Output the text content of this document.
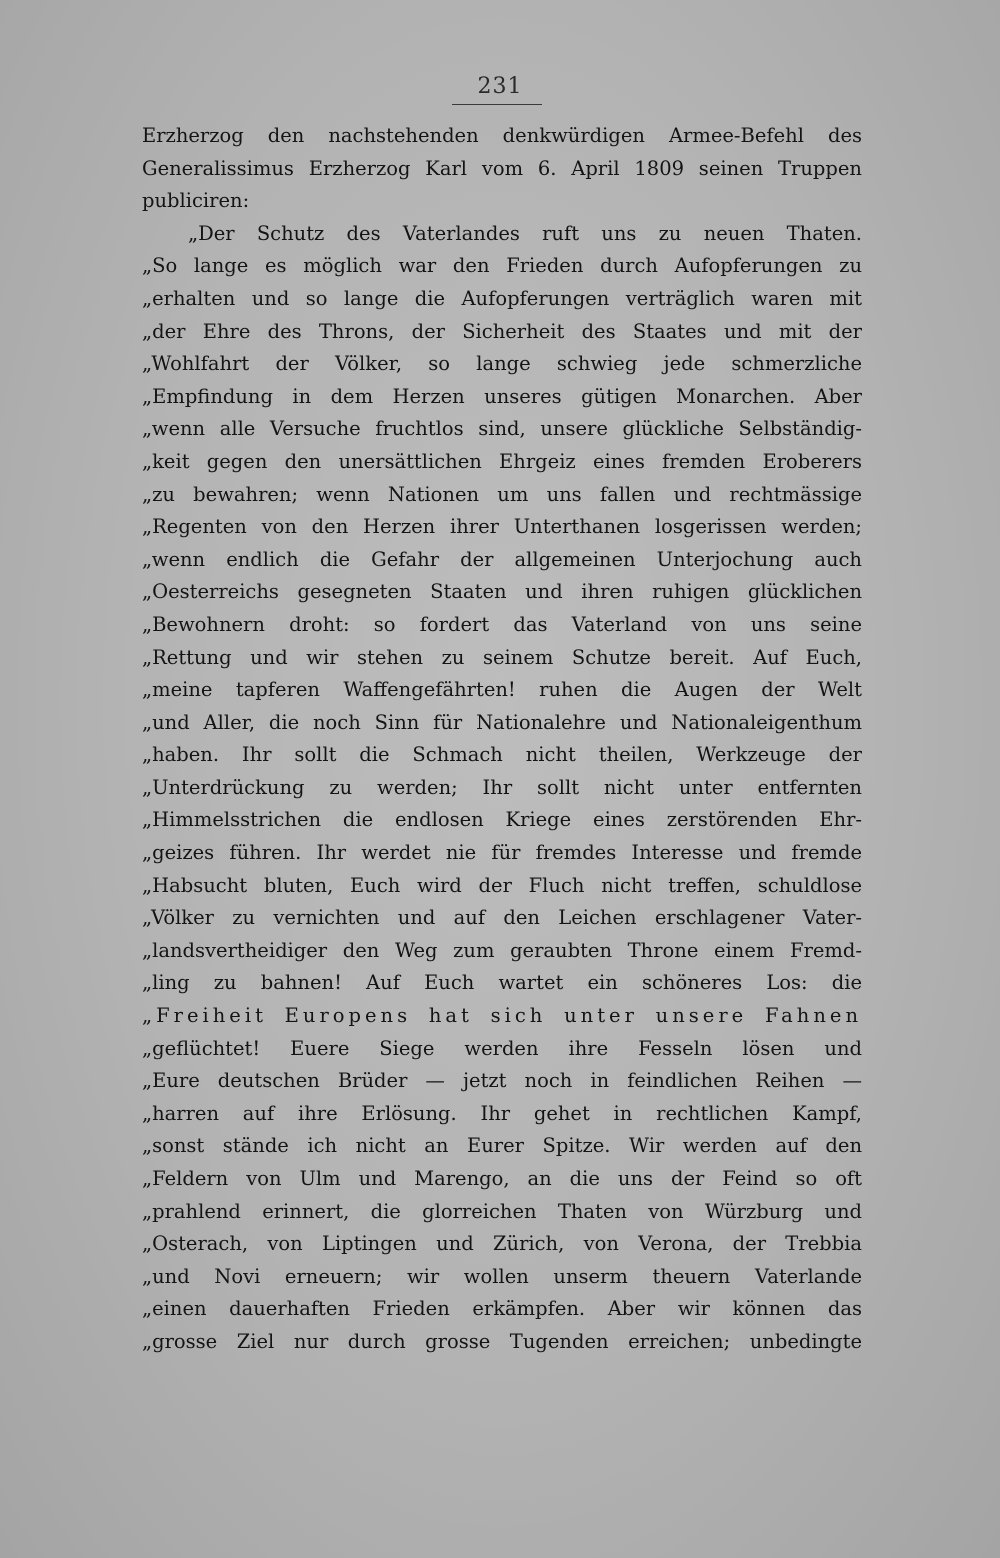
231
Erzherzog den nachstehenden denkwürdigen Armee-Befehl des
Generalissimus Erzherzog Karl vom 6. April 1809 seinen Truppen
publiciren:
„Der Schutz des Vaterlandes ruft uns zu neuen Thaten.
„So lange es möglich war den Frieden durch Aufopferungen zu
„erhalten und so lange die Aufopferungen verträglich waren mit
„der Ehre des Throns, der Sicherheit des Staates und mit der
„Wohlfahrt der Völker, so lange schwieg jede schmerzliche
„Empfindung in dem Herzen unseres gütigen Monarchen. Aber
„wenn alle Versuche fruchtlos sind, unsere glückliche Selbständig-
„keit gegen den unersättlichen Ehrgeiz eines fremden Eroberers
„zu bewahren; wenn Nationen um uns fallen und rechtmässige
„Regenten von den Herzen ihrer Unterthanen losgerissen werden;
„wenn endlich die Gefahr der allgemeinen Unterjochung auch
„Oesterreichs gesegneten Staaten und ihren ruhigen glücklichen
„Bewohnern droht: so fordert das Vaterland von uns seine
„Rettung und wir stehen zu seinem Schutze bereit. Auf Euch,
„meine tapferen Waffengefährten! ruhen die Augen der Welt
„und Aller, die noch Sinn für Nationalehre und Nationaleigenthum
„haben. Ihr sollt die Schmach nicht theilen, Werkzeuge der
„Unterdrückung zu werden; Ihr sollt nicht unter entfernten
„Himmelsstrichen die endlosen Kriege eines zerstörenden Ehr-
„geizes führen. Ihr werdet nie für fremdes Interesse und fremde
„Habsucht bluten, Euch wird der Fluch nicht treffen, schuldlose
„Völker zu vernichten und auf den Leichen erschlagener Vater-
„landsvertheidiger den Weg zum geraubten Throne einem Fremd-
„ling zu bahnen! Auf Euch wartet ein schöneres Los: die
„Freiheit Europens hat sich unter unsere Fahnen
„geflüchtet! Euere Siege werden ihre Fesseln lösen und
„Eure deutschen Brüder — jetzt noch in feindlichen Reihen —
„harren auf ihre Erlösung. Ihr gehet in rechtlichen Kampf,
„sonst stände ich nicht an Eurer Spitze. Wir werden auf den
„Feldern von Ulm und Marengo, an die uns der Feind so oft
„prahlend erinnert, die glorreichen Thaten von Würzburg und
„Osterach, von Liptingen und Zürich, von Verona, der Trebbia
„und Novi erneuern; wir wollen unserm theuern Vaterlande
„einen dauerhaften Frieden erkämpfen. Aber wir können das
„grosse Ziel nur durch grosse Tugenden erreichen; unbedingte
